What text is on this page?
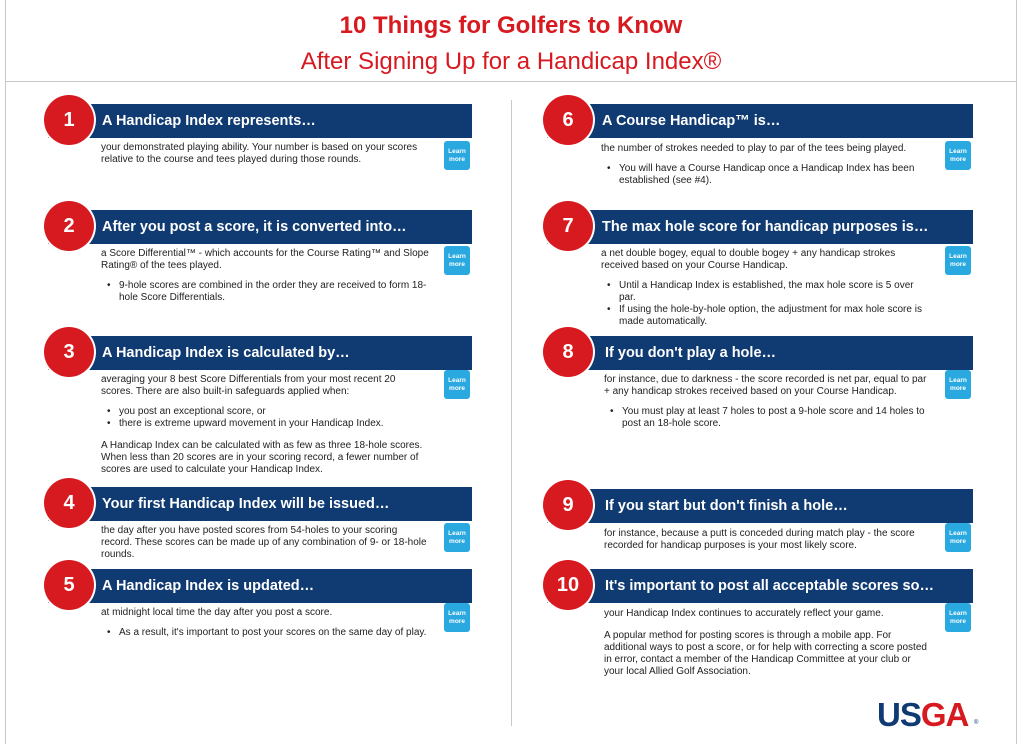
10 Things for Golfers to Know
After Signing Up for a Handicap Index®
1	A Handicap Index represents…
Learn more

your demonstrated playing ability. Your number is based on your scores relative to the course and tees played during those rounds.

2	After you post a score, it is converted into…
Learn more

a Score Differential™ - which accounts for the Course Rating™ and Slope Rating® of the tees played.

• 9-hole scores are combined in the order they are received to form 18-hole Score Differentials.
3	A Handicap Index is calculated by…
Learn more

averaging your 8 best Score Differentials from your most recent 20 scores. There are also built-in safeguards applied when:

• you post an exceptional score, or
• there is extreme upward movement in your Handicap Index.

A Handicap Index can be calculated with as few as three 18-hole scores. When less than 20 scores are in your scoring record, a fewer number of scores are used to calculate your Handicap Index.

4	Your first Handicap Index will be issued…
Learn more

the day after you have posted scores from 54-holes to your scoring record. These scores can be made up of any combination of 9- or 18-hole rounds.

5	A Handicap Index is updated…
Learn more

at midnight local time the day after you post a score.

• As a result, it's important to post your scores on the same day of play.
6	A Course Handicap™ is…
Learn more

the number of strokes needed to play to par of the tees being played.

• You will have a Course Handicap once a Handicap Index has been established (see #4).
7	The max hole score for handicap purposes is…
Learn more

a net double bogey, equal to double bogey + any handicap strokes received based on your Course Handicap.

• Until a Handicap Index is established, the max hole score is 5 over par.
• If using the hole-by-hole option, the adjustment for max hole score is made automatically.
8	If you don't play a hole…
Learn more

for instance, due to darkness - the score recorded is net par, equal to par + any handicap strokes received based on your Course Handicap.

• You must play at least 7 holes to post a 9-hole score and 14 holes to post an 18-hole score.
9	If you start but don't finish a hole…
Learn more

for instance, because a putt is conceded during match play - the score recorded for handicap purposes is your most likely score.

10	It's important to post all acceptable scores so…
Learn more

your Handicap Index continues to accurately reflect your game.

A popular method for posting scores is through a mobile app. For additional ways to post a score, or for help with correcting a score posted in error, contact a member of the Handicap Committee at your club or your local Allied Golf Association.

USGA ®
